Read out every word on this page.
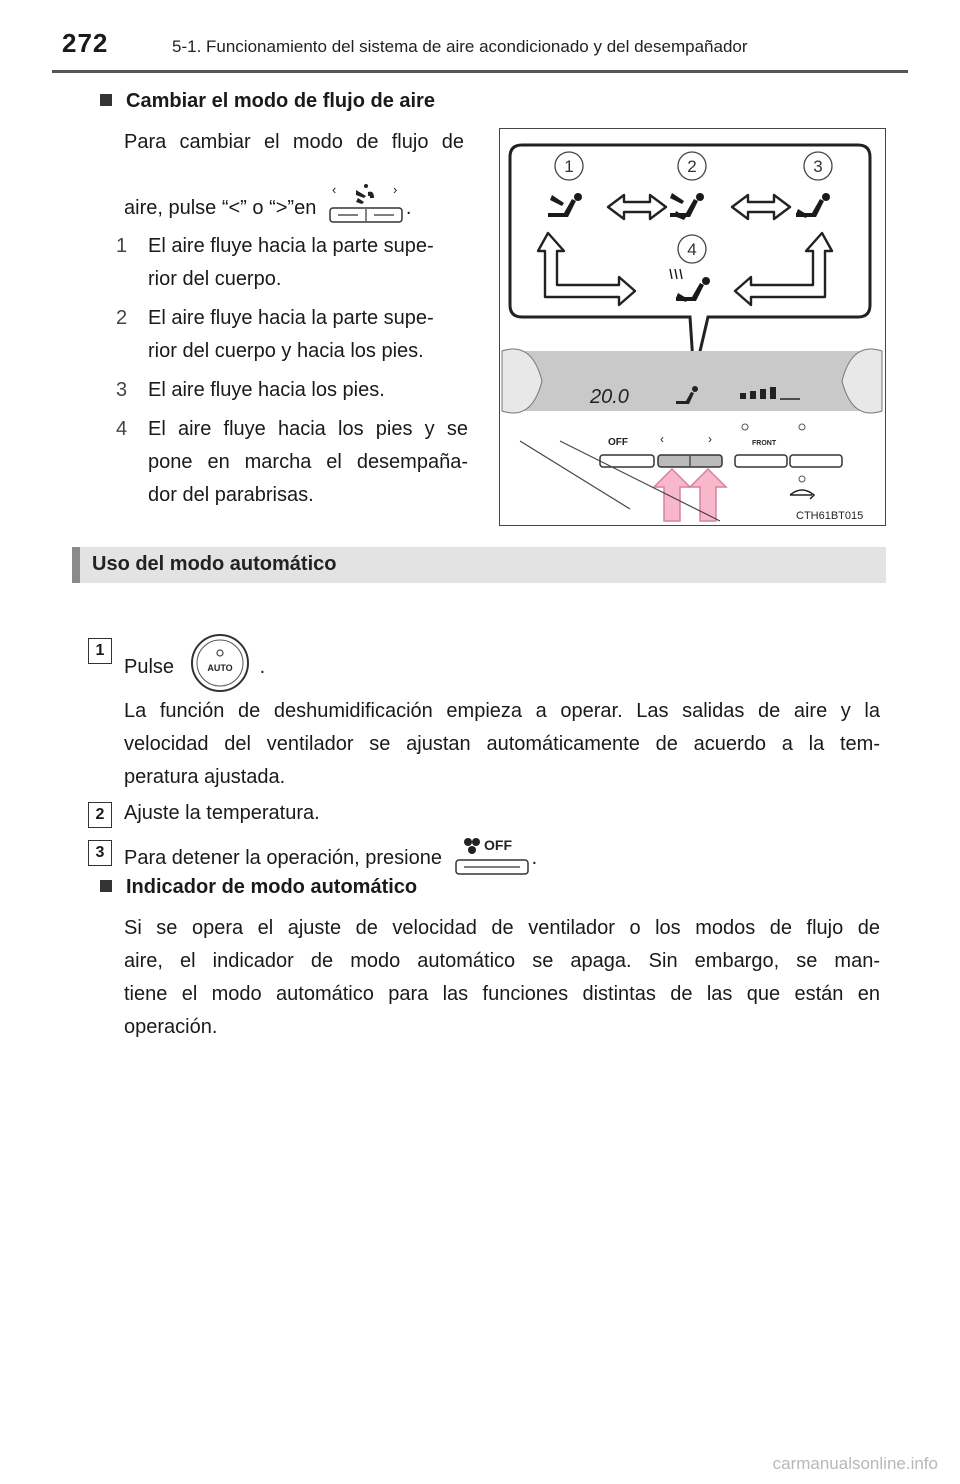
272	5-1. Funcionamiento del sistema de aire acondicionado y del desempañador
Cambiar el modo de flujo de aire
Para cambiar el modo de flujo de
aire, pulse “<” o “>”en
‹	›
.
1 El aire fluye hacia la parte supe-
rior del cuerpo.
2 El aire fluye hacia la parte supe-
rior del cuerpo y hacia los pies.
3 El aire fluye hacia los pies.
4 El aire fluye hacia los pies y se
pone en marcha el desempaña-
dor del parabrisas.
1	2	3
4
20.0
OFF	FRONT
‹	›
CTH61BT015
Uso del modo automático
1
Pulse	AUTO .
La función de deshumidificación empieza a operar. Las salidas de aire y la
velocidad del ventilador se ajustan automáticamente de acuerdo a la tem-
peratura ajustada.
2 Ajuste la temperatura.
3 Para detener la operación, presione
OFF
.
Indicador de modo automático
Si se opera el ajuste de velocidad de ventilador o los modos de flujo de
aire, el indicador de modo automático se apaga. Sin embargo, se man-
tiene el modo automático para las funciones distintas de las que están en
operación.
carmanualsonline.info
